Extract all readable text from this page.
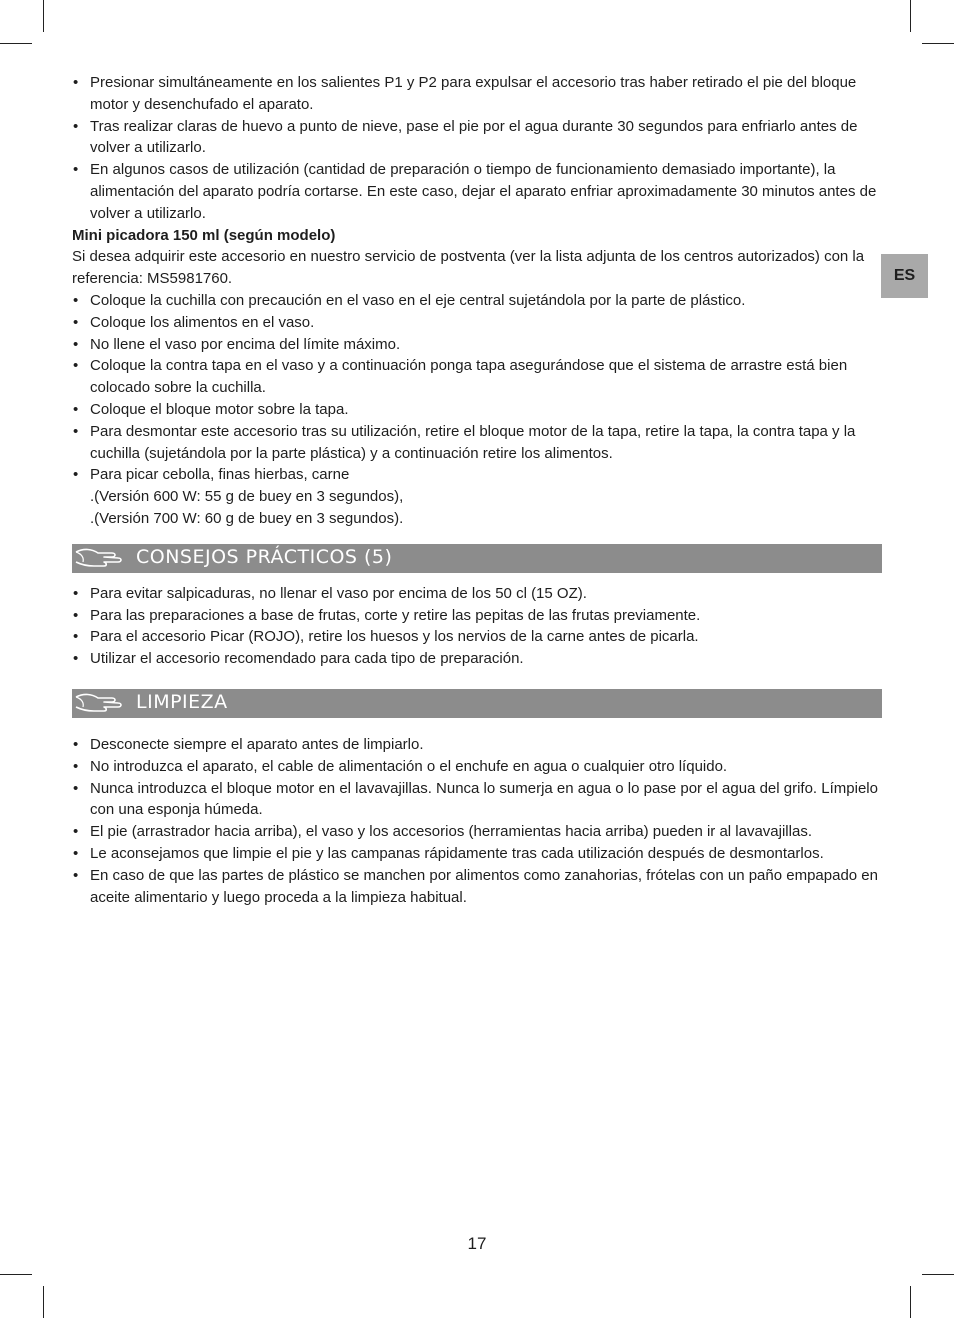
ES
• Presionar simultáneamente en los salientes P1 y P2 para expulsar el accesorio tras haber retirado el pie del bloque motor y desenchufado el aparato.
• Tras realizar claras de huevo a punto de nieve, pase el pie por el agua durante 30 segundos para enfriarlo antes de volver a utilizarlo.
• En algunos casos de utilización (cantidad de preparación o tiempo de funcionamiento demasiado importante), la alimentación del aparato podría cortarse. En este caso, dejar el aparato enfriar aproximadamente 30 minutos antes de volver a utilizarlo.

Mini picadora 150 ml (según modelo)

Si desea adquirir este accesorio en nuestro servicio de postventa (ver la lista adjunta de los centros autorizados) con la referencia: MS5981760.

• Coloque la cuchilla con precaución en el vaso en el eje central sujetándola por la parte de plástico.
• Coloque los alimentos en el vaso.
• No llene el vaso por encima del límite máximo.
• Coloque la contra tapa en el vaso y a continuación ponga tapa asegurándose que el sistema de arrastre está bien colocado sobre la cuchilla.
• Coloque el bloque motor sobre la tapa.
• Para desmontar este accesorio tras su utilización, retire el bloque motor de la tapa, retire la tapa, la contra tapa y la cuchilla (sujetándola por la parte plástica) y a continuación retire los alimentos.
• Para picar cebolla, finas hierbas, carne
.(Versión 600 W: 55 g de buey en 3 segundos),
.(Versión 700 W: 60 g de buey en 3 segundos).
CONSEJOS PRÁCTICOS (5)
• Para evitar salpicaduras, no llenar el vaso por encima de los 50 cl (15 OZ).
• Para las preparaciones a base de frutas, corte y retire las pepitas de las frutas previamente.
• Para el accesorio Picar (ROJO), retire los huesos y los nervios de la carne antes de picarla.
• Utilizar el accesorio recomendado para cada tipo de preparación.
LIMPIEZA
• Desconecte siempre el aparato antes de limpiarlo.
• No introduzca el aparato, el cable de alimentación o el enchufe en agua o cualquier otro líquido.
• Nunca introduzca el bloque motor en el lavavajillas. Nunca lo sumerja en agua o lo pase por el agua del grifo. Límpielo con una esponja húmeda.
• El pie (arrastrador hacia arriba), el vaso y los accesorios (herramientas hacia arriba) pueden ir al lavavajillas.
• Le aconsejamos que limpie el pie y las campanas rápidamente tras cada utilización después de desmontarlos.
• En caso de que las partes de plástico se manchen por alimentos como zanahorias, frótelas con un paño empapado en aceite alimentario y luego proceda a la limpieza habitual.
17
